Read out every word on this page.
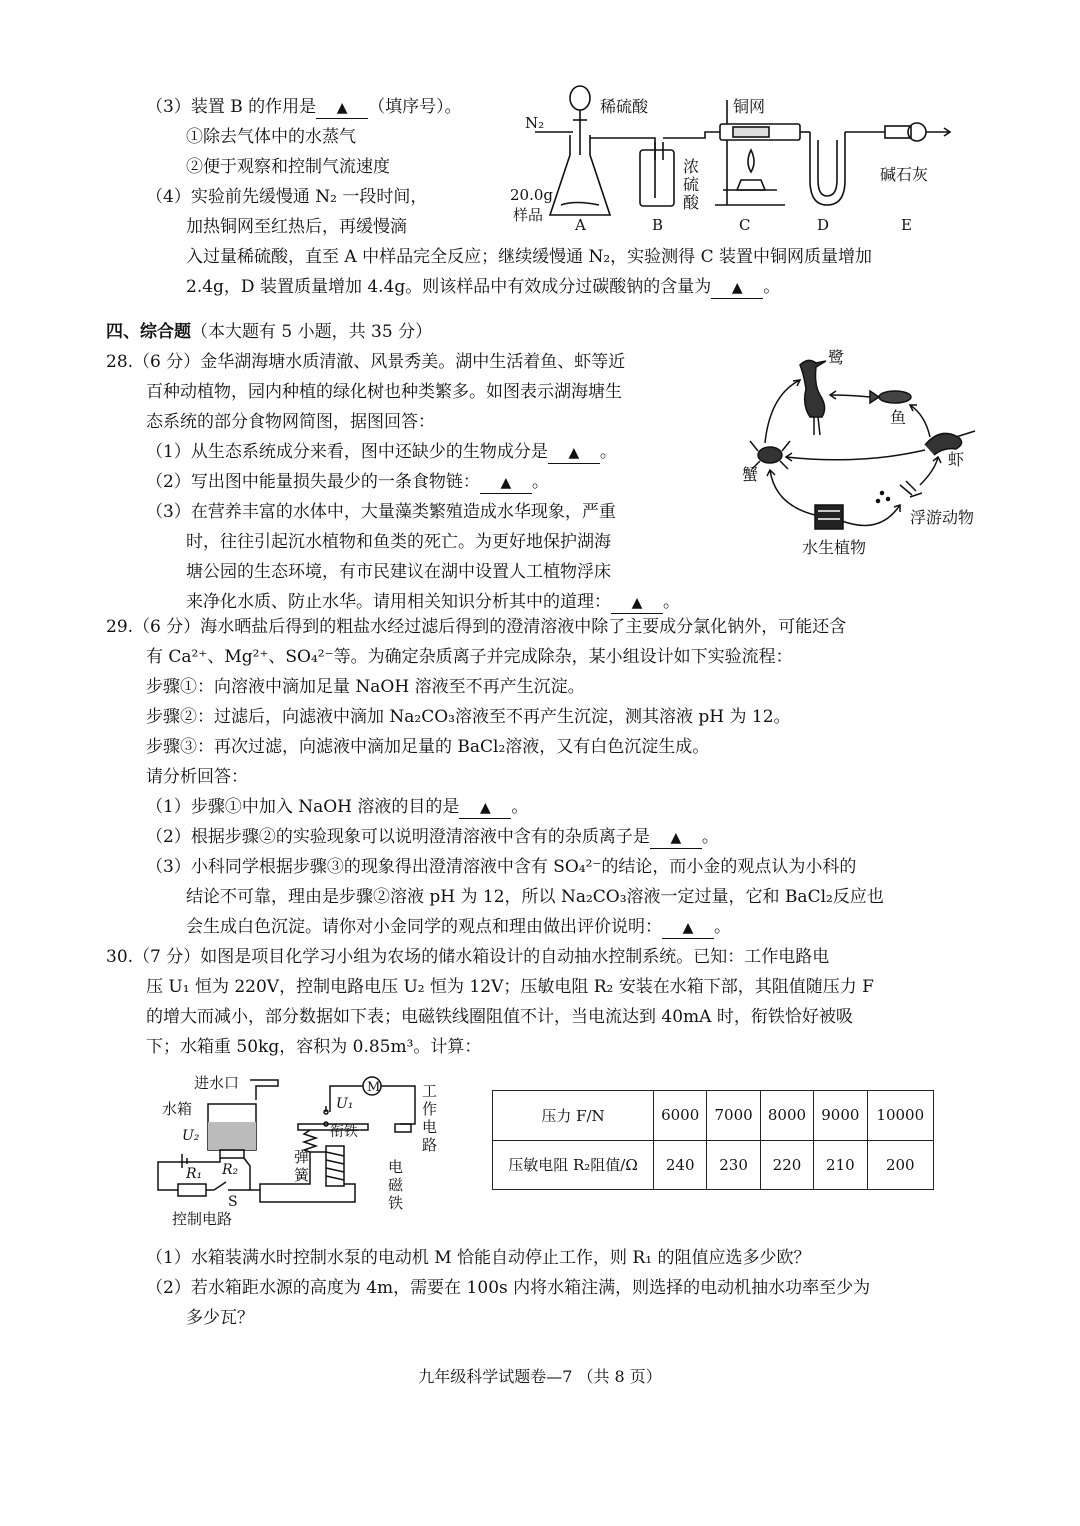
（3）装置 B 的作用是 ▲ （填序号）。
①除去气体中的水蒸气
②便于观察和控制气流速度
（4）实验前先缓慢通 N₂ 一段时间，
加热铜网至红热后，再缓慢滴
入过量稀硫酸，直至 A 中样品完全反应；继续缓慢通 N₂，实验测得 C 装置中铜网质量增加
2.4g，D 装置质量增加 4.4g。则该样品中有效成分过碳酸钠的含量为 ▲ 。
N₂
稀硫酸	铜网
浓
硫
酸
碱石灰
20.0g
样品
A	B	C	D	E
四、综合题（本大题有 5 小题，共 35 分）
28.（6 分）金华湖海塘水质清澈、风景秀美。湖中生活着鱼、虾等近
百种动植物，园内种植的绿化树也种类繁多。如图表示湖海塘生
态系统的部分食物网简图，据图回答：
（1）从生态系统成分来看，图中还缺少的生物成分是 ▲ 。
（2）写出图中能量损失最少的一条食物链： ▲ 。
（3）在营养丰富的水体中，大量藻类繁殖造成水华现象，严重
时，往往引起沉水植物和鱼类的死亡。为更好地保护湖海
塘公园的生态环境，有市民建议在湖中设置人工植物浮床
来净化水质、防止水华。请用相关知识分析其中的道理： ▲ 。
鹭
鱼
虾
蟹
浮游动物
水生植物
29.（6 分）海水晒盐后得到的粗盐水经过滤后得到的澄清溶液中除了主要成分氯化钠外，可能还含
有 Ca²⁺、Mg²⁺、SO₄²⁻等。为确定杂质离子并完成除杂，某小组设计如下实验流程：
步骤①：向溶液中滴加足量 NaOH 溶液至不再产生沉淀。
步骤②：过滤后，向滤液中滴加 Na₂CO₃溶液至不再产生沉淀，测其溶液 pH 为 12。
步骤③：再次过滤，向滤液中滴加足量的 BaCl₂溶液，又有白色沉淀生成。
请分析回答：
（1）步骤①中加入 NaOH 溶液的目的是 ▲ 。
（2）根据步骤②的实验现象可以说明澄清溶液中含有的杂质离子是 ▲ 。
（3）小科同学根据步骤③的现象得出澄清溶液中含有 SO₄²⁻的结论，而小金的观点认为小科的
结论不可靠，理由是步骤②溶液 pH 为 12，所以 Na₂CO₃溶液一定过量，它和 BaCl₂反应也
会生成白色沉淀。请你对小金同学的观点和理由做出评价说明： ▲ 。
30.（7 分）如图是项目化学习小组为农场的储水箱设计的自动抽水控制系统。已知：工作电路电
压 U₁ 恒为 220V，控制电路电压 U₂ 恒为 12V；压敏电阻 R₂ 安装在水箱下部，其阻值随压力 F
的增大而减小，部分数据如下表；电磁铁线圈阻值不计，当电流达到 40mA 时，衔铁恰好被吸
下；水箱重 50kg，容积为 0.85m³。计算：
进水口
水箱
U₂
R₁ R₂
S
控制电路
M
U₁
衔铁
工
作
电
路
弹
簧	电
磁
铁
压力 F/N	6000	7000	8000	9000	10000
压敏电阻 R₂阻值/Ω	240	230	220	210	200
（1）水箱装满水时控制水泵的电动机 M 恰能自动停止工作，则 R₁ 的阻值应选多少欧？
（2）若水箱距水源的高度为 4m，需要在 100s 内将水箱注满，则选择的电动机抽水功率至少为
多少瓦？
九年级科学试题卷—7 （共 8 页）
